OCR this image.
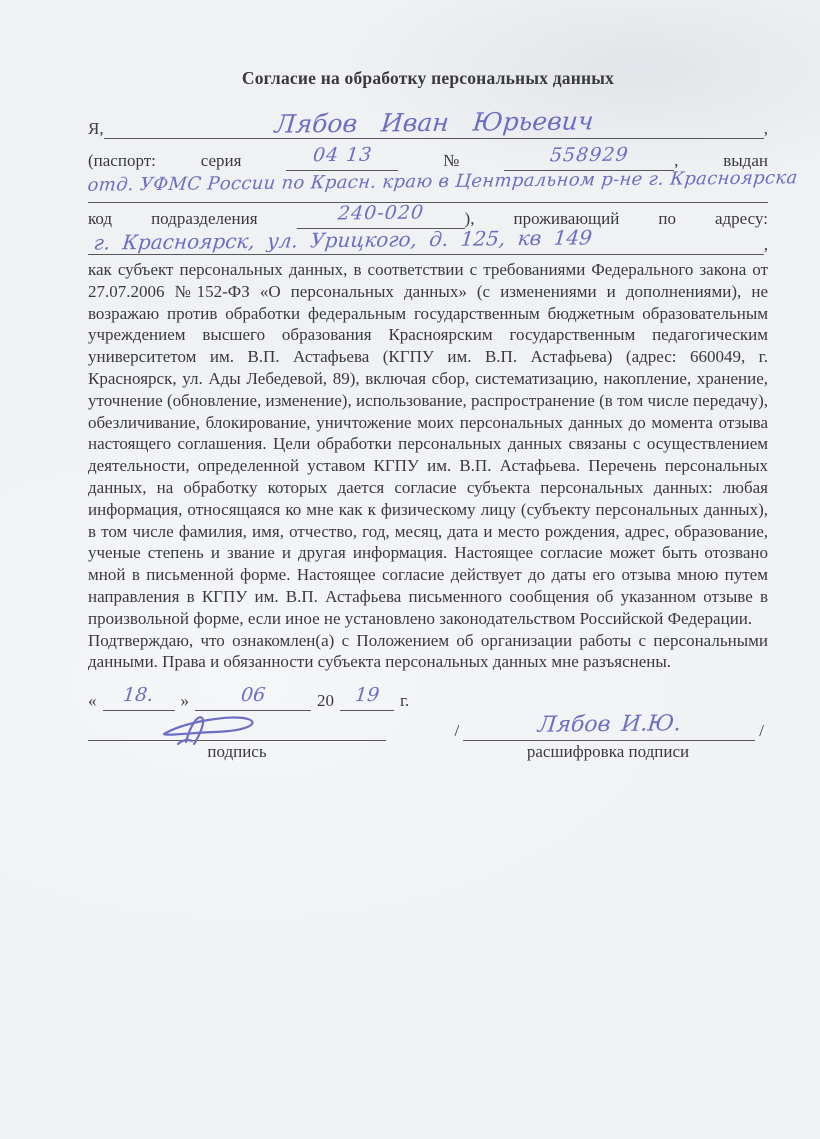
Согласие на обработку персональных данных
Я,	Лябов Иван Юрьевич	,
(паспорт:	серия	04 13	№	558929	,	выдан
отд. УФМС России по Красн. краю в Центральном р-не г. Красноярска
код подразделения	240-020	), проживающий по адресу:
г. Красноярск, ул. Урицкого, д. 125, кв 149	,

как субъект персональных данных, в соответствии с требованиями Федерального закона от 27.07.2006 №152-ФЗ «О персональных данных» (с изменениями и дополнениями), не возражаю против обработки федеральным государственным бюджетным образовательным учреждением высшего образования Красноярским государственным педагогическим университетом им. В.П. Астафьева (КГПУ им. В.П. Астафьева) (адрес: 660049, г. Красноярск, ул. Ады Лебедевой, 89), включая сбор, систематизацию, накопление, хранение, уточнение (обновление, изменение), использование, распространение (в том числе передачу), обезличивание, блокирование, уничтожение моих персональных данных до момента отзыва настоящего соглашения. Цели обработки персональных данных связаны с осуществлением деятельности, определенной уставом КГПУ им. В.П. Астафьева. Перечень персональных данных, на обработку которых дается согласие субъекта персональных данных: любая информация, относящаяся ко мне как к физическому лицу (субъекту персональных данных), в том числе фамилия, имя, отчество, год, месяц, дата и место рождения, адрес, образование, ученые степень и звание и другая информация. Настоящее согласие может быть отозвано мной в письменной форме. Настоящее согласие действует до даты его отзыва мною путем направления в КГПУ им. В.П. Астафьева письменного сообщения об указанном отзыве в произвольной форме, если иное не установлено законодательством Российской Федерации.

Подтверждаю, что ознакомлен(а) с Положением об организации работы с персональными данными. Права и обязанности субъекта персональных данных мне разъяснены.

«	18.	»	06	20	19	г.
/	Лябов И.Ю.	/
подпись	расшифровка подписи
